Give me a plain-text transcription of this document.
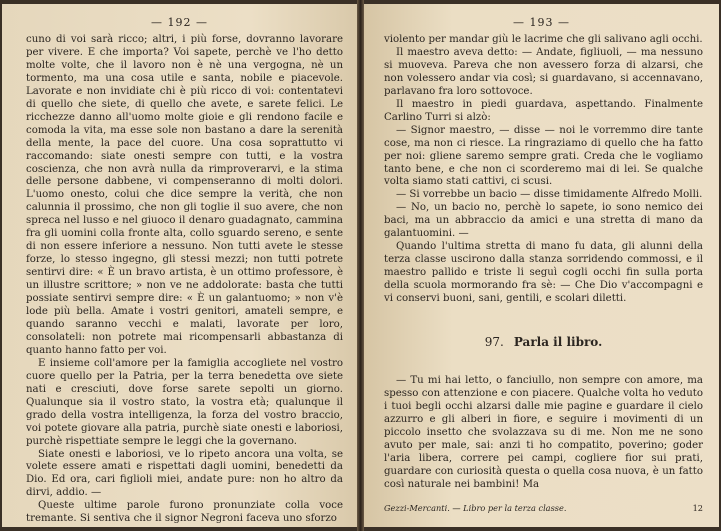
— 192 —

cuno di voi sarà ricco; altri, i più forse, dovranno lavorare per vivere. E che importa? Voi sapete, perchè ve l'ho detto molte volte, che il lavoro non è nè una vergogna, nè un tormento, ma una cosa utile e santa, nobile e piacevole. Lavorate e non invidiate chi è più ricco di voi: contentatevi di quello che siete, di quello che avete, e sarete felici. Le ricchezze danno all'uomo molte gioie e gli rendono facile e comoda la vita, ma esse sole non bastano a dare la serenità della mente, la pace del cuore. Una cosa soprattutto vi raccomando: siate onesti sempre con tutti, e la vostra coscienza, che non avrà nulla da rimproverarvi, e la stima delle persone dabbene, vi compenseranno di molti dolori. L'uomo onesto, colui che dice sempre la verità, che non calunnia il prossimo, che non gli toglie il suo avere, che non spreca nel lusso e nel giuoco il denaro guadagnato, cammina fra gli uomini colla fronte alta, collo sguardo sereno, e sente di non essere inferiore a nessuno. Non tutti avete le stesse forze, lo stesso ingegno, gli stessi mezzi; non tutti potrete sentirvi dire: « È un bravo artista, è un ottimo professore, è un illustre scrittore; » non ve ne addolorate: basta che tutti possiate sentirvi sempre dire: « È un galantuomo; » non v'è lode più bella. Amate i vostri genitori, amateli sempre, e quando saranno vecchi e malati, lavorate per loro, consolateli: non potrete mai ricompensarli abbastanza di quanto hanno fatto per voi.

E insieme coll'amore per la famiglia accogliete nel vostro cuore quello per la Patria, per la terra benedetta ove siete nati e cresciuti, dove forse sarete sepolti un giorno. Qualunque sia il vostro stato, la vostra età; qualunque il grado della vostra intelligenza, la forza del vostro braccio, voi potete giovare alla patria, purchè siate onesti e laboriosi, purchè rispettiate sempre le leggi che la governano.

Siate onesti e laboriosi, ve lo ripeto ancora una volta, se volete essere amati e rispettati dagli uomini, benedetti da Dio. Ed ora, cari figlioli miei, andate pure: non ho altro da dirvi, addio. —

Queste ultime parole furono pronunziate colla voce tremante. Si sentiva che il signor Negroni faceva uno sforzo

— 193 —

violento per mandar giù le lacrime che gli salivano agli occhi.

Il maestro aveva detto: — Andate, figliuoli, — ma nessuno si muoveva. Pareva che non avessero forza di alzarsi, che non volessero andar via così; si guardavano, si accennavano, parlavano fra loro sottovoce.

Il maestro in piedi guardava, aspettando. Finalmente Carlino Turri si alzò:

— Signor maestro, — disse — noi le vorremmo dire tante cose, ma non ci riesce. La ringraziamo di quello che ha fatto per noi: gliene saremo sempre grati. Creda che le vogliamo tanto bene, e che non ci scorderemo mai di lei. Se qualche volta siamo stati cattivi, ci scusi.

— Si vorrebbe un bacio — disse timidamente Alfredo Molli.

— No, un bacio no, perchè lo sapete, io sono nemico dei baci, ma un abbraccio da amici e una stretta di mano da galantuomini. —

Quando l'ultima stretta di mano fu data, gli alunni della terza classe uscirono dalla stanza sorridendo commossi, e il maestro pallido e triste li seguì cogli occhi fin sulla porta della scuola mormorando fra sè: — Che Dio v'accompagni e vi conservi buoni, sani, gentili, e scolari diletti.

97. Parla il libro.

— Tu mi hai letto, o fanciullo, non sempre con amore, ma spesso con attenzione e con piacere. Qualche volta ho veduto i tuoi begli occhi alzarsi dalle mie pagine e guardare il cielo azzurro e gli alberi in fiore, e seguire i movimenti di un piccolo insetto che svolazzava su di me. Non me ne sono avuto per male, sai: anzi ti ho compatito, poverino; goder l'aria libera, correre pei campi, cogliere fior sui prati, guardare con curiosità questa o quella cosa nuova, è un fatto così naturale nei bambini! Ma

Gezzi-Mercanti. — Libro per la terza classe.	12
